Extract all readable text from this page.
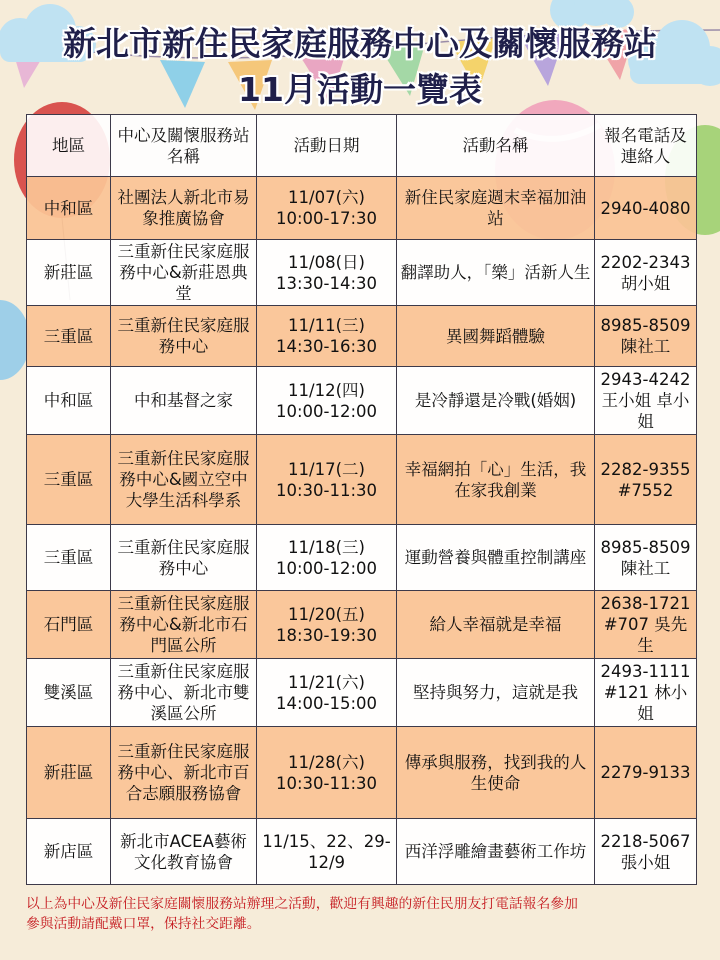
新北市新住民家庭服務中心及關懷服務站
11月活動一覽表
地區	中心及關懷服務站名稱	活動日期	活動名稱	報名電話及連絡人
中和區	社團法人新北市易象推廣協會	11/07(六) 10:00-17:30	新住民家庭週末幸福加油站	2940-4080
新莊區	三重新住民家庭服務中心&新莊恩典堂	11/08(日) 13:30-14:30	翻譯助人，「樂」活新人生	2202-2343 胡小姐
三重區	三重新住民家庭服務中心	11/11(三) 14:30-16:30	異國舞蹈體驗	8985-8509 陳社工
中和區	中和基督之家	11/12(四) 10:00-12:00	是冷靜還是冷戰(婚姻)	2943-4242 王小姐 卓小姐
三重區	三重新住民家庭服務中心&國立空中大學生活科學系	11/17(二) 10:30-11:30	幸福網拍「心」生活，我在家我創業	2282-9355 #7552
三重區	三重新住民家庭服務中心	11/18(三) 10:00-12:00	運動營養與體重控制講座	8985-8509 陳社工
石門區	三重新住民家庭服務中心&新北市石門區公所	11/20(五) 18:30-19:30	給人幸福就是幸福	2638-1721 #707 吳先生
雙溪區	三重新住民家庭服務中心、新北市雙溪區公所	11/21(六) 14:00-15:00	堅持與努力，這就是我	2493-1111 #121 林小姐
新莊區	三重新住民家庭服務中心、新北市百合志願服務協會	11/28(六) 10:30-11:30	傳承與服務，找到我的人生使命	2279-9133
新店區	新北市ACEA藝術文化教育協會	11/15、22、29-12/9	西洋浮雕繪畫藝術工作坊	2218-5067 張小姐
以上為中心及新住民家庭關懷服務站辦理之活動，歡迎有興趣的新住民朋友打電話報名參加
參與活動請配戴口罩，保持社交距離。
